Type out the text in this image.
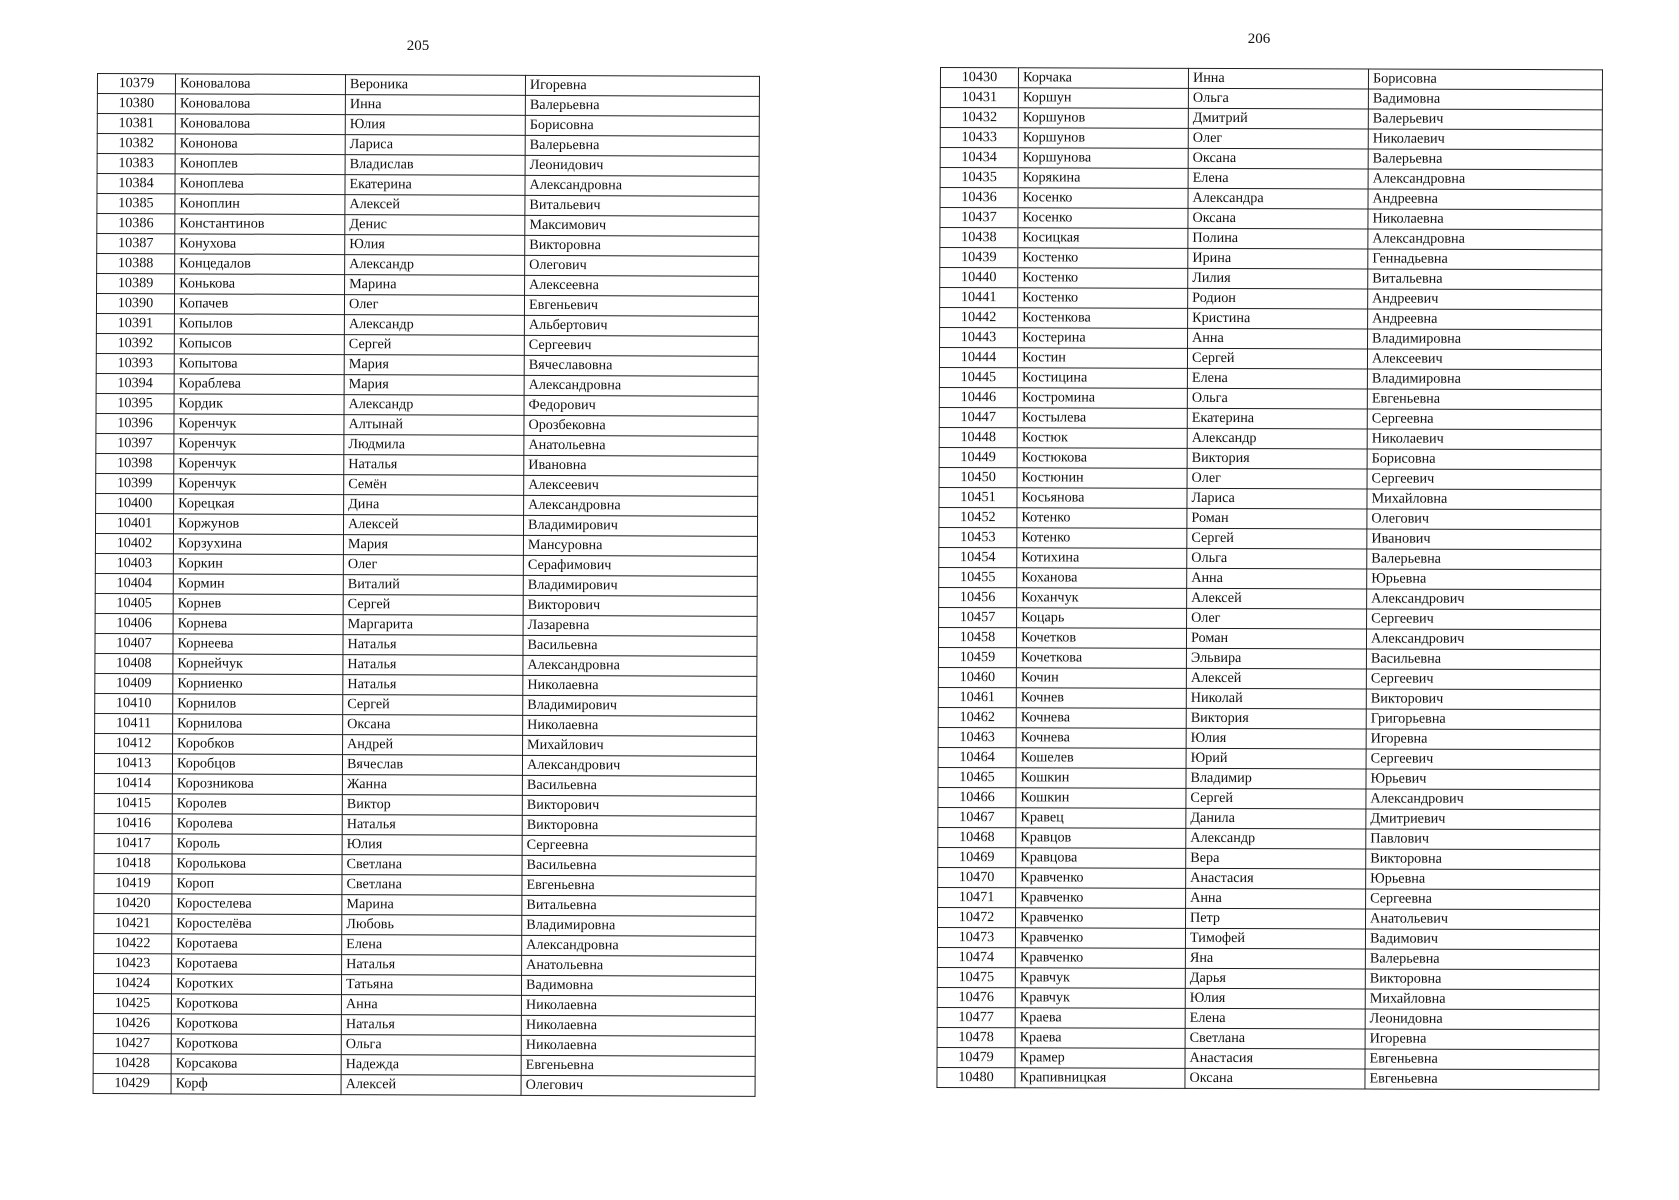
205	206
10379	Коновалова	Вероника	Игоревна
10380	Коновалова	Инна	Валерьевна
10381	Коновалова	Юлия	Борисовна
10382	Кононова	Лариса	Валерьевна
10383	Коноплев	Владислав	Леонидович
10384	Коноплева	Екатерина	Александровна
10385	Коноплин	Алексей	Витальевич
10386	Константинов	Денис	Максимович
10387	Конухова	Юлия	Викторовна
10388	Концедалов	Александр	Олегович
10389	Конькова	Марина	Алексеевна
10390	Копачев	Олег	Евгеньевич
10391	Копылов	Александр	Альбертович
10392	Копысов	Сергей	Сергеевич
10393	Копытова	Мария	Вячеславовна
10394	Кораблева	Мария	Александровна
10395	Кордик	Александр	Федорович
10396	Коренчук	Алтынай	Орозбековна
10397	Коренчук	Людмила	Анатольевна
10398	Коренчук	Наталья	Ивановна
10399	Коренчук	Семён	Алексеевич
10400	Корецкая	Дина	Александровна
10401	Коржунов	Алексей	Владимирович
10402	Корзухина	Мария	Мансуровна
10403	Коркин	Олег	Серафимович
10404	Кормин	Виталий	Владимирович
10405	Корнев	Сергей	Викторович
10406	Корнева	Маргарита	Лазаревна
10407	Корнеева	Наталья	Васильевна
10408	Корнейчук	Наталья	Александровна
10409	Корниенко	Наталья	Николаевна
10410	Корнилов	Сергей	Владимирович
10411	Корнилова	Оксана	Николаевна
10412	Коробков	Андрей	Михайлович
10413	Коробцов	Вячеслав	Александрович
10414	Корозникова	Жанна	Васильевна
10415	Королев	Виктор	Викторович
10416	Королева	Наталья	Викторовна
10417	Король	Юлия	Сергеевна
10418	Королькова	Светлана	Васильевна
10419	Короп	Светлана	Евгеньевна
10420	Коростелева	Марина	Витальевна
10421	Коростелёва	Любовь	Владимировна
10422	Коротаева	Елена	Александровна
10423	Коротаева	Наталья	Анатольевна
10424	Коротких	Татьяна	Вадимовна
10425	Короткова	Анна	Николаевна
10426	Короткова	Наталья	Николаевна
10427	Короткова	Ольга	Николаевна
10428	Корсакова	Надежда	Евгеньевна
10429	Корф	Алексей	Олегович
10430	Корчака	Инна	Борисовна
10431	Коршун	Ольга	Вадимовна
10432	Коршунов	Дмитрий	Валерьевич
10433	Коршунов	Олег	Николаевич
10434	Коршунова	Оксана	Валерьевна
10435	Корякина	Елена	Александровна
10436	Косенко	Александра	Андреевна
10437	Косенко	Оксана	Николаевна
10438	Косицкая	Полина	Александровна
10439	Костенко	Ирина	Геннадьевна
10440	Костенко	Лилия	Витальевна
10441	Костенко	Родион	Андреевич
10442	Костенкова	Кристина	Андреевна
10443	Костерина	Анна	Владимировна
10444	Костин	Сергей	Алексеевич
10445	Костицина	Елена	Владимировна
10446	Костромина	Ольга	Евгеньевна
10447	Костылева	Екатерина	Сергеевна
10448	Костюк	Александр	Николаевич
10449	Костюкова	Виктория	Борисовна
10450	Костюнин	Олег	Сергеевич
10451	Косьянова	Лариса	Михайловна
10452	Котенко	Роман	Олегович
10453	Котенко	Сергей	Иванович
10454	Котихина	Ольга	Валерьевна
10455	Коханова	Анна	Юрьевна
10456	Коханчук	Алексей	Александрович
10457	Коцарь	Олег	Сергеевич
10458	Кочетков	Роман	Александрович
10459	Кочеткова	Эльвира	Васильевна
10460	Кочин	Алексей	Сергеевич
10461	Кочнев	Николай	Викторович
10462	Кочнева	Виктория	Григорьевна
10463	Кочнева	Юлия	Игоревна
10464	Кошелев	Юрий	Сергеевич
10465	Кошкин	Владимир	Юрьевич
10466	Кошкин	Сергей	Александрович
10467	Кравец	Данила	Дмитриевич
10468	Кравцов	Александр	Павлович
10469	Кравцова	Вера	Викторовна
10470	Кравченко	Анастасия	Юрьевна
10471	Кравченко	Анна	Сергеевна
10472	Кравченко	Петр	Анатольевич
10473	Кравченко	Тимофей	Вадимович
10474	Кравченко	Яна	Валерьевна
10475	Кравчук	Дарья	Викторовна
10476	Кравчук	Юлия	Михайловна
10477	Краева	Елена	Леонидовна
10478	Краева	Светлана	Игоревна
10479	Крамер	Анастасия	Евгеньевна
10480	Крапивницкая	Оксана	Евгеньевна
